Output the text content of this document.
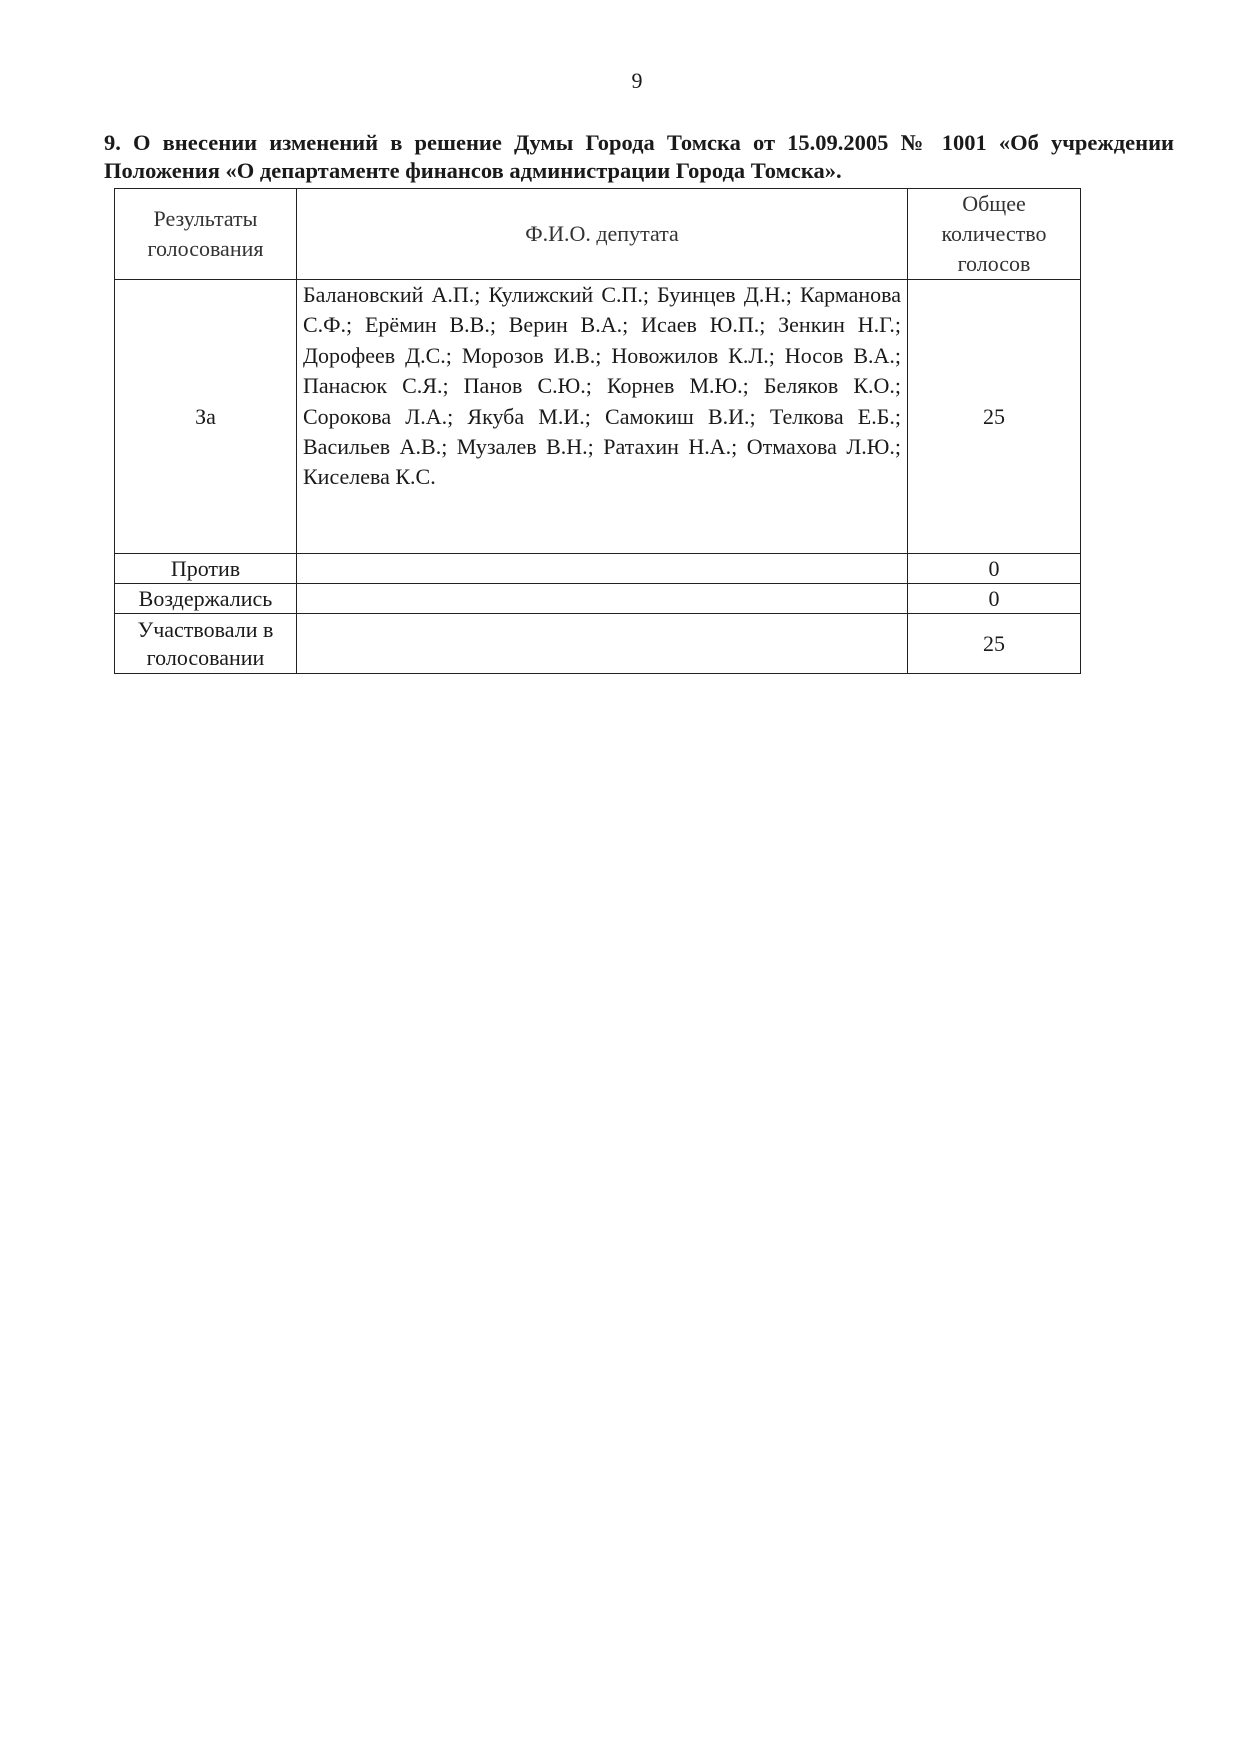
9
9. О внесении изменений в решение Думы Города Томска от 15.09.2005 № 1001 «Об учреждении Положения «О департаменте финансов администрации Города Томска».
Результаты голосования	Ф.И.О. депутата	Общее количество голосов
За	Балановский А.П.; Кулижский С.П.; Буинцев Д.Н.; Карманова С.Ф.; Ерёмин В.В.; Верин В.А.; Исаев Ю.П.; Зенкин Н.Г.; Дорофеев Д.С.; Морозов И.В.; Новожилов К.Л.; Носов В.А.; Панасюк С.Я.; Панов С.Ю.; Корнев М.Ю.; Беляков К.О.; Сорокова Л.А.; Якуба М.И.; Самокиш В.И.; Телкова Е.Б.; Васильев А.В.; Музалев В.Н.; Ратахин Н.А.; Отмахова Л.Ю.; Киселева К.С.	25
Против		0
Воздержались		0
Участвовали в голосовании		25
